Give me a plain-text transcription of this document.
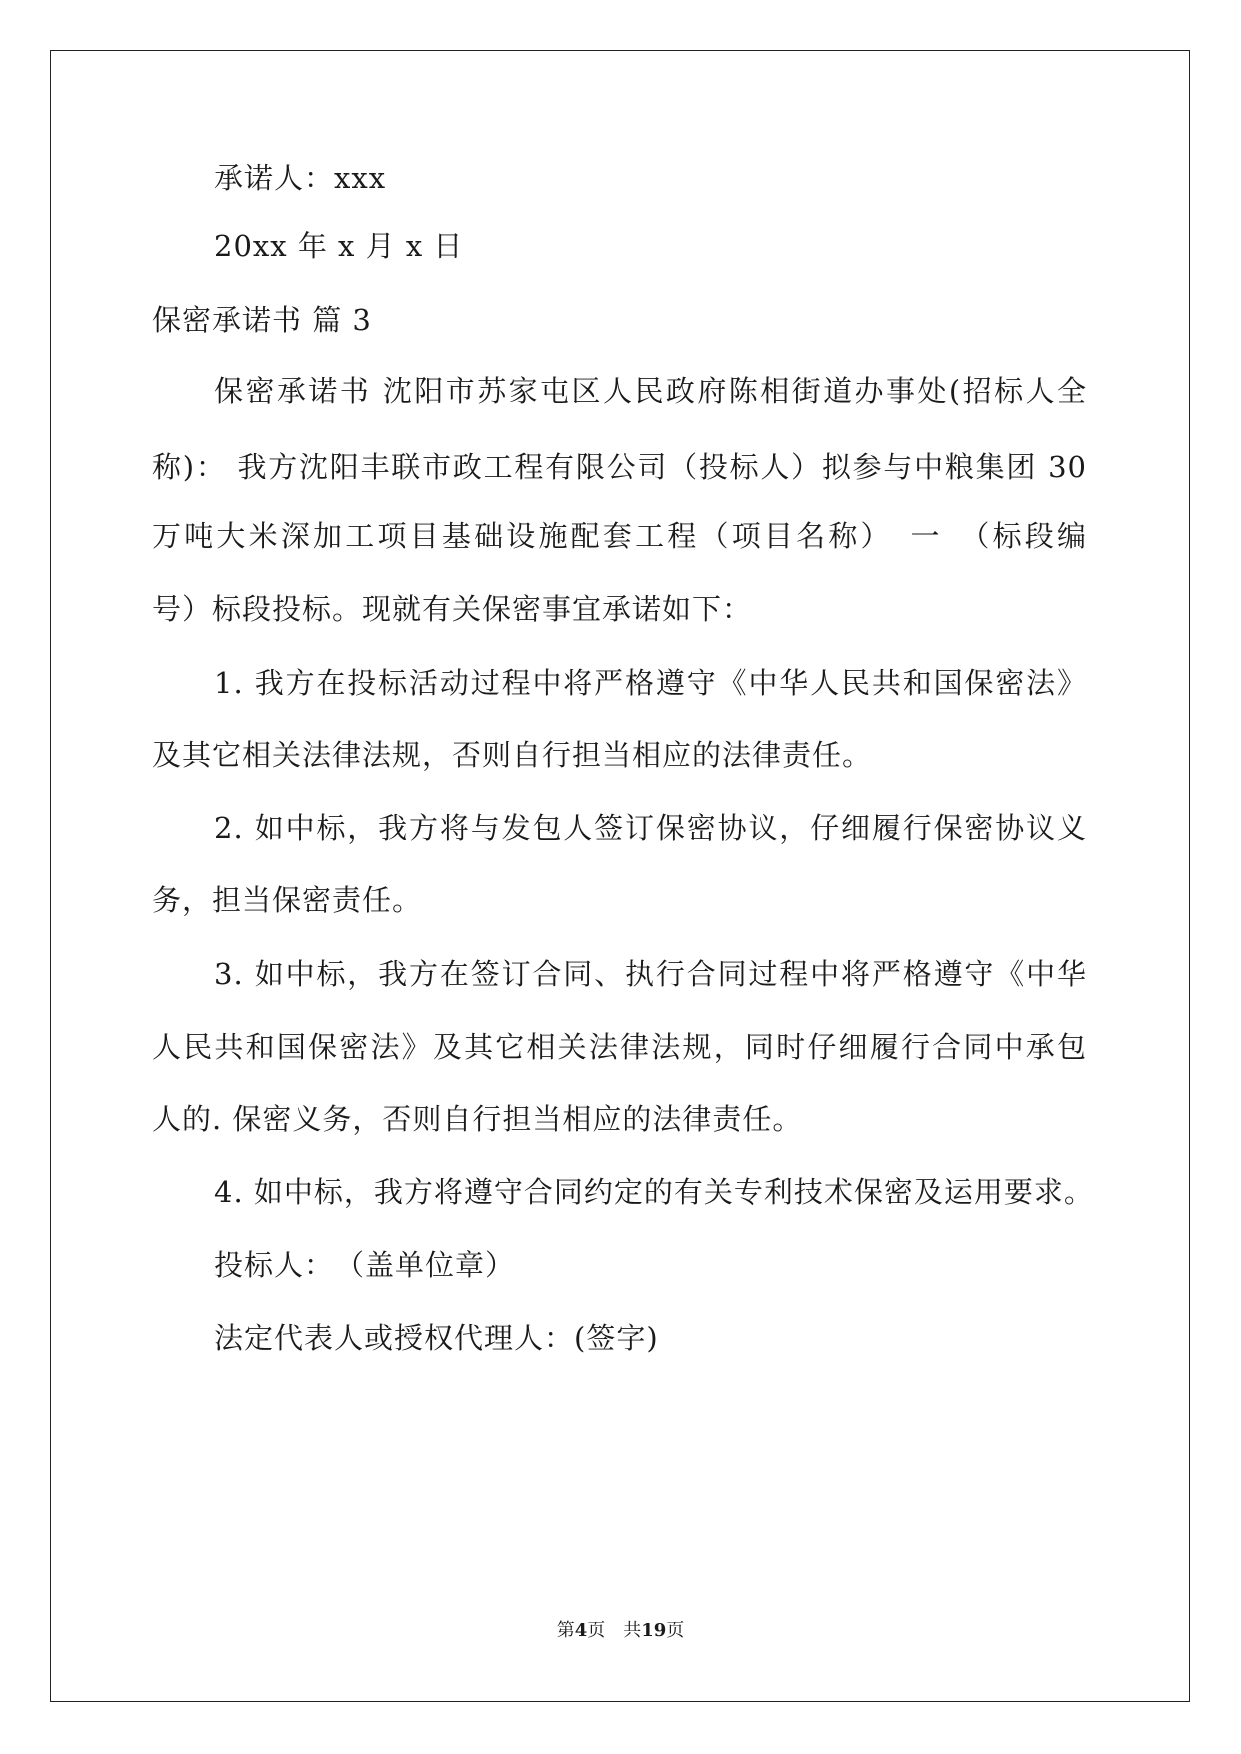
承诺人：xxx
20xx 年 x 月 x 日
保密承诺书 篇 3
保密承诺书 沈阳市苏家屯区人民政府陈相街道办事处(招标人全
称)： 我方沈阳丰联市政工程有限公司（投标人）拟参与中粮集团 30
万吨大米深加工项目基础设施配套工程（项目名称）　一　（标段编
号）标段投标。现就有关保密事宜承诺如下：
1. 我方在投标活动过程中将严格遵守《中华人民共和国保密法》
及其它相关法律法规，否则自行担当相应的法律责任。
2. 如中标，我方将与发包人签订保密协议，仔细履行保密协议义
务，担当保密责任。
3. 如中标，我方在签订合同、执行合同过程中将严格遵守《中华
人民共和国保密法》及其它相关法律法规，同时仔细履行合同中承包
人的. 保密义务，否则自行担当相应的法律责任。
4. 如中标，我方将遵守合同约定的有关专利技术保密及运用要求。
投标人：　（盖单位章）
法定代表人或授权代理人：(签字)
第4页　 共19页
